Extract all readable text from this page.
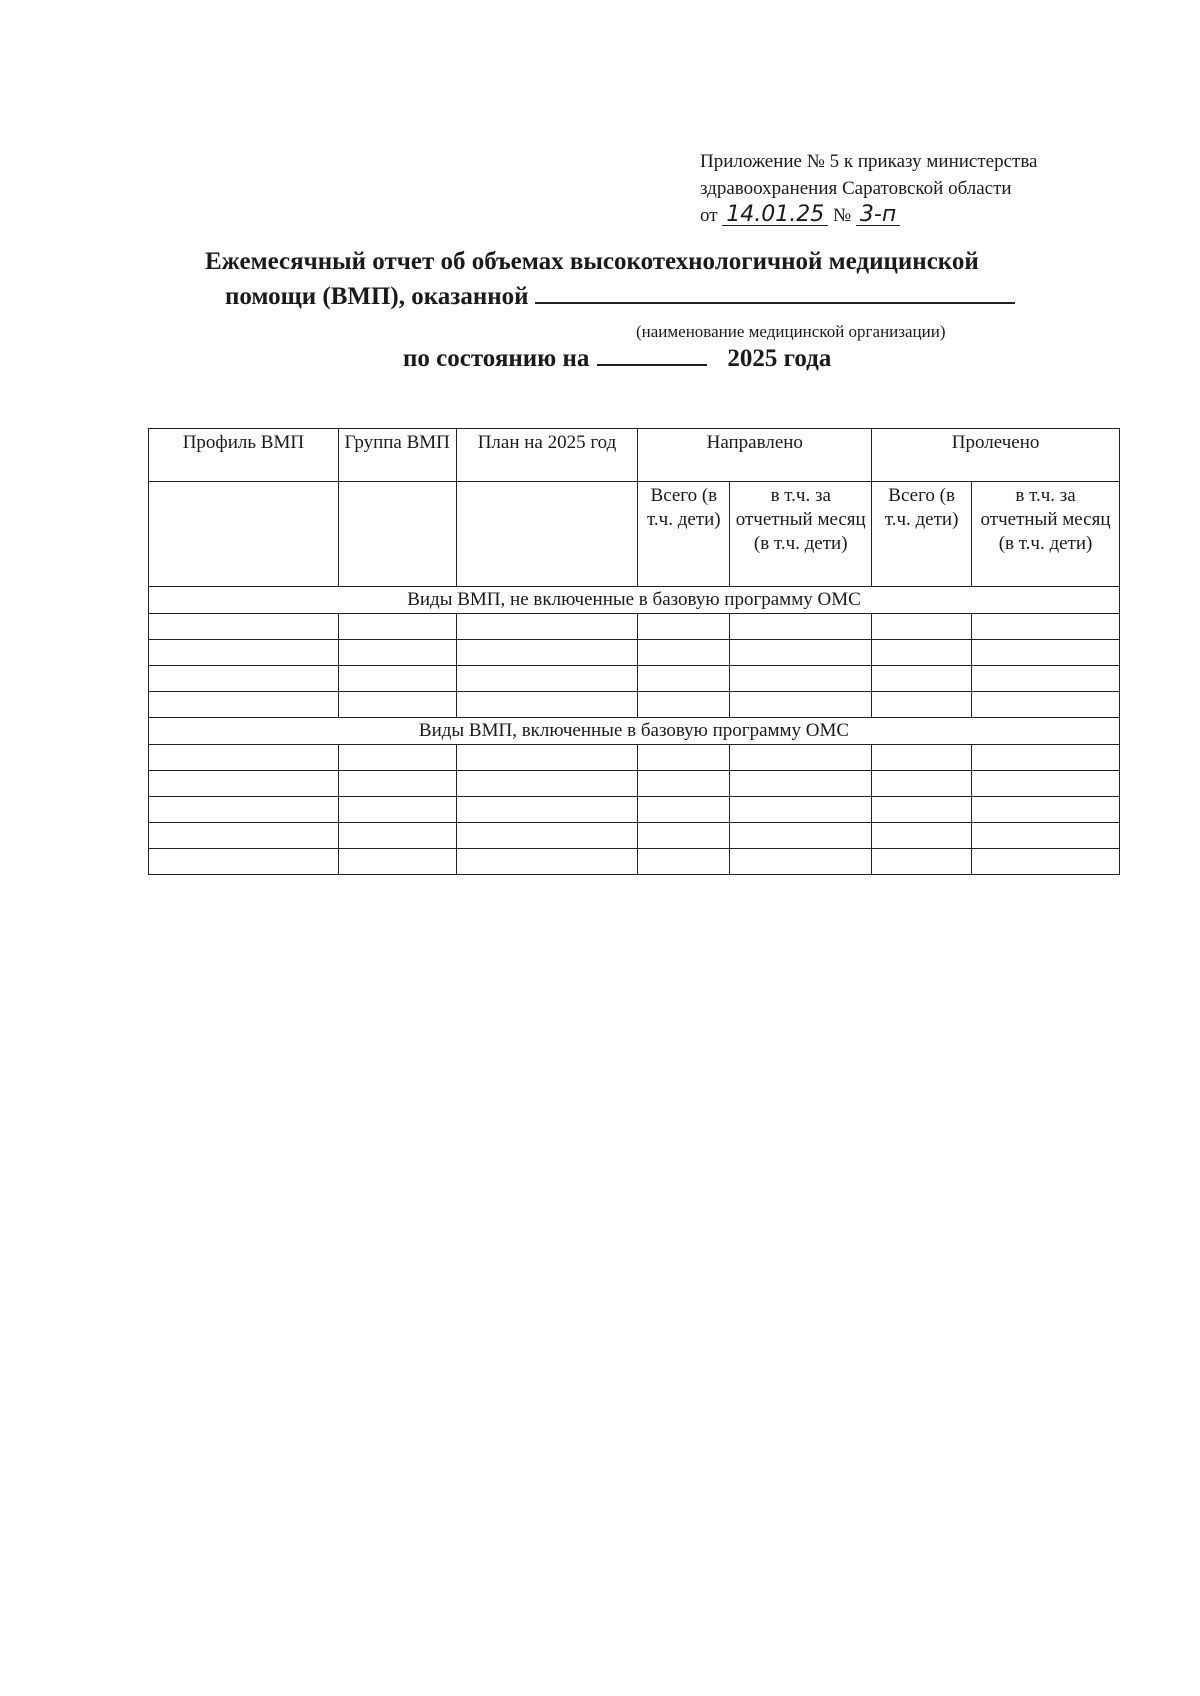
Приложение № 5 к приказу министерства
здравоохранения Саратовской области
от 14.01.25 № 3-п
Ежемесячный отчет об объемах высокотехнологичной медицинской
помощи (ВМП), оказанной
(наименование медицинской организации)
по состоянию на	2025 года
Профиль ВМП	Группа ВМП	План на 2025 год	Направлено		Пролечено	
			Всего (в т.ч. дети)	в т.ч. за отчетный месяц (в т.ч. дети)	Всего (в т.ч. дети)	в т.ч. за отчетный месяц (в т.ч. дети)
Виды ВМП, не включенные в базовую программу ОМС						

Виды ВМП, включенные в базовую программу ОМС						
